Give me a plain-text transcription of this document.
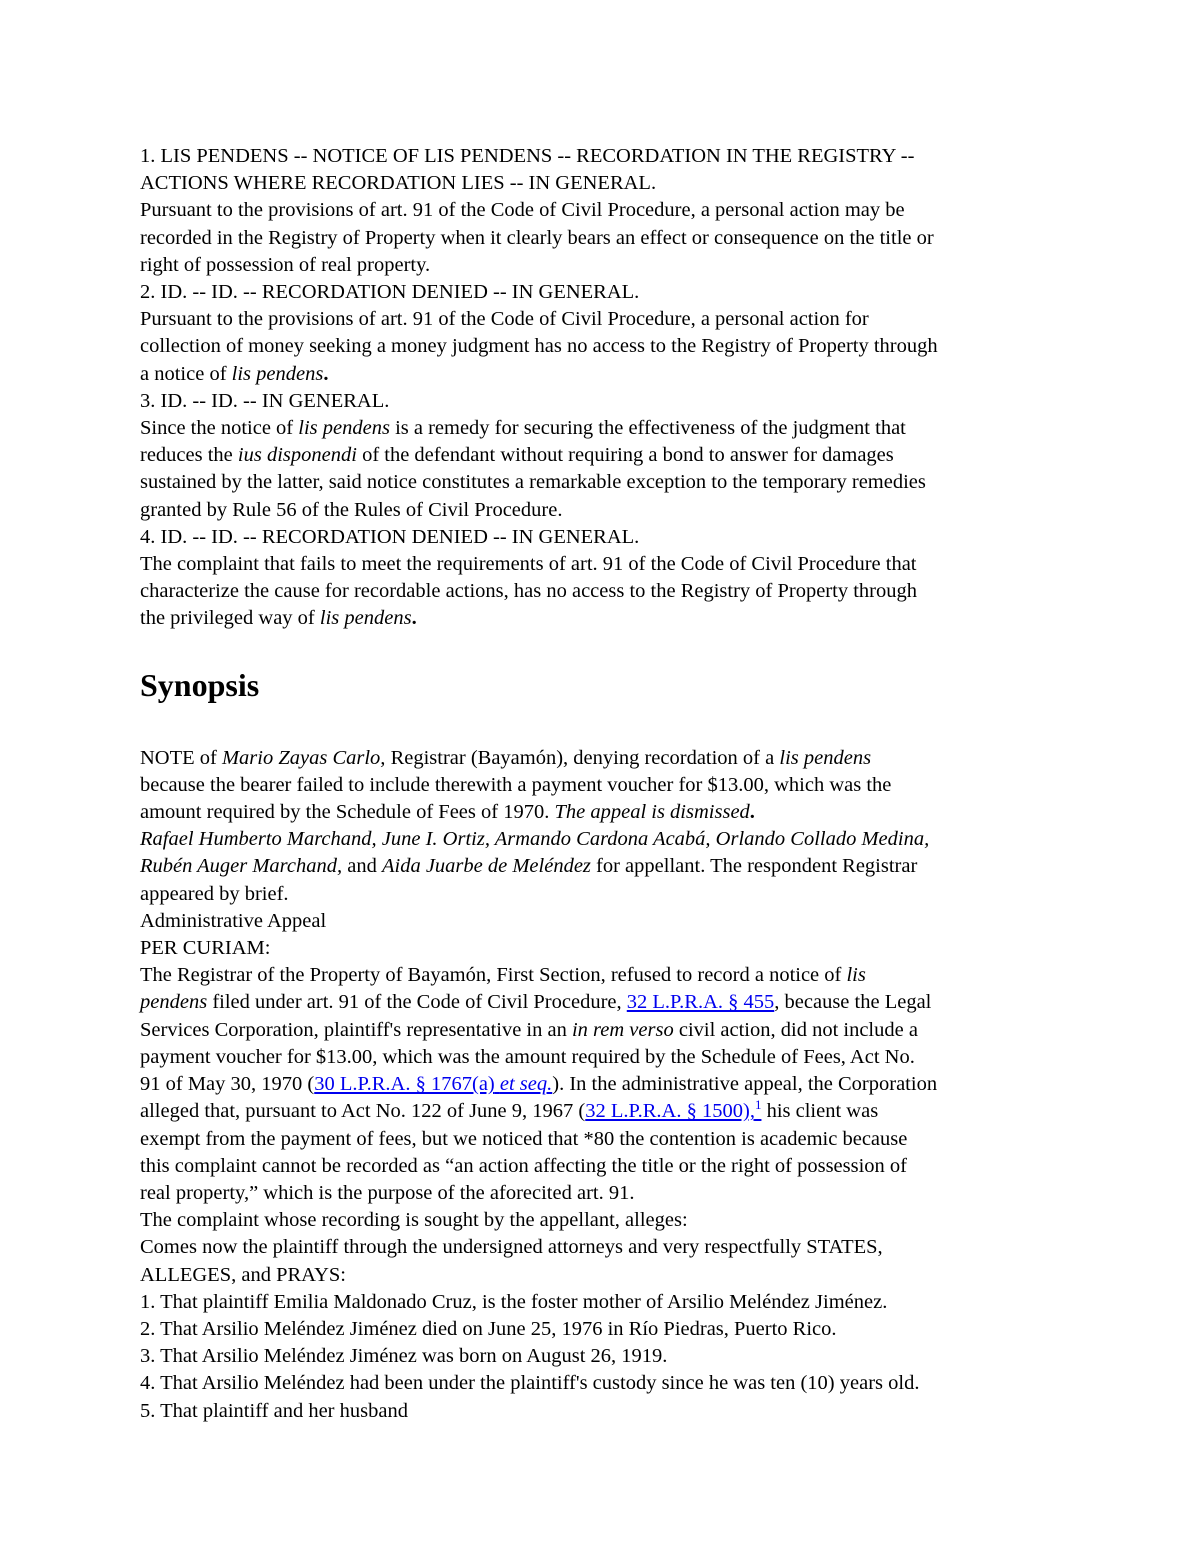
1. LIS PENDENS -- NOTICE OF LIS PENDENS -- RECORDATION IN THE REGISTRY --
ACTIONS WHERE RECORDATION LIES -- IN GENERAL.
Pursuant to the provisions of art. 91 of the Code of Civil Procedure, a personal action may be
recorded in the Registry of Property when it clearly bears an effect or consequence on the title or
right of possession of real property.
2. ID. -- ID. -- RECORDATION DENIED -- IN GENERAL.
Pursuant to the provisions of art. 91 of the Code of Civil Procedure, a personal action for
collection of money seeking a money judgment has no access to the Registry of Property through
a notice of lis pendens.
3. ID. -- ID. -- IN GENERAL.
Since the notice of lis pendens is a remedy for securing the effectiveness of the judgment that
reduces the ius disponendi of the defendant without requiring a bond to answer for damages
sustained by the latter, said notice constitutes a remarkable exception to the temporary remedies
granted by Rule 56 of the Rules of Civil Procedure.
4. ID. -- ID. -- RECORDATION DENIED -- IN GENERAL.
The complaint that fails to meet the requirements of art. 91 of the Code of Civil Procedure that
characterize the cause for recordable actions, has no access to the Registry of Property through
the privileged way of lis pendens.
Synopsis
NOTE of Mario Zayas Carlo, Registrar (Bayamón), denying recordation of a lis pendens
because the bearer failed to include therewith a payment voucher for $13.00, which was the
amount required by the Schedule of Fees of 1970. The appeal is dismissed.
Rafael Humberto Marchand, June I. Ortiz, Armando Cardona Acabá, Orlando Collado Medina,
Rubén Auger Marchand, and Aida Juarbe de Meléndez for appellant. The respondent Registrar
appeared by brief.
Administrative Appeal
PER CURIAM:
The Registrar of the Property of Bayamón, First Section, refused to record a notice of lis
pendens filed under art. 91 of the Code of Civil Procedure, 32 L.P.R.A. § 455, because the Legal
Services Corporation, plaintiff's representative in an in rem verso civil action, did not include a
payment voucher for $13.00, which was the amount required by the Schedule of Fees, Act No.
91 of May 30, 1970 (30 L.P.R.A. § 1767(a) et seq.). In the administrative appeal, the Corporation
alleged that, pursuant to Act No. 122 of June 9, 1967 (32 L.P.R.A. § 1500),$^1$ his client was
exempt from the payment of fees, but we noticed that *80 the contention is academic because
this complaint cannot be recorded as “an action affecting the title or the right of possession of
real property,” which is the purpose of the aforecited art. 91.
The complaint whose recording is sought by the appellant, alleges:
Comes now the plaintiff through the undersigned attorneys and very respectfully STATES,
ALLEGES, and PRAYS:
1. That plaintiff Emilia Maldonado Cruz, is the foster mother of Arsilio Meléndez Jiménez.
2. That Arsilio Meléndez Jiménez died on June 25, 1976 in Río Piedras, Puerto Rico.
3. That Arsilio Meléndez Jiménez was born on August 26, 1919.
4. That Arsilio Meléndez had been under the plaintiff's custody since he was ten (10) years old.
5. That plaintiff and her husband
